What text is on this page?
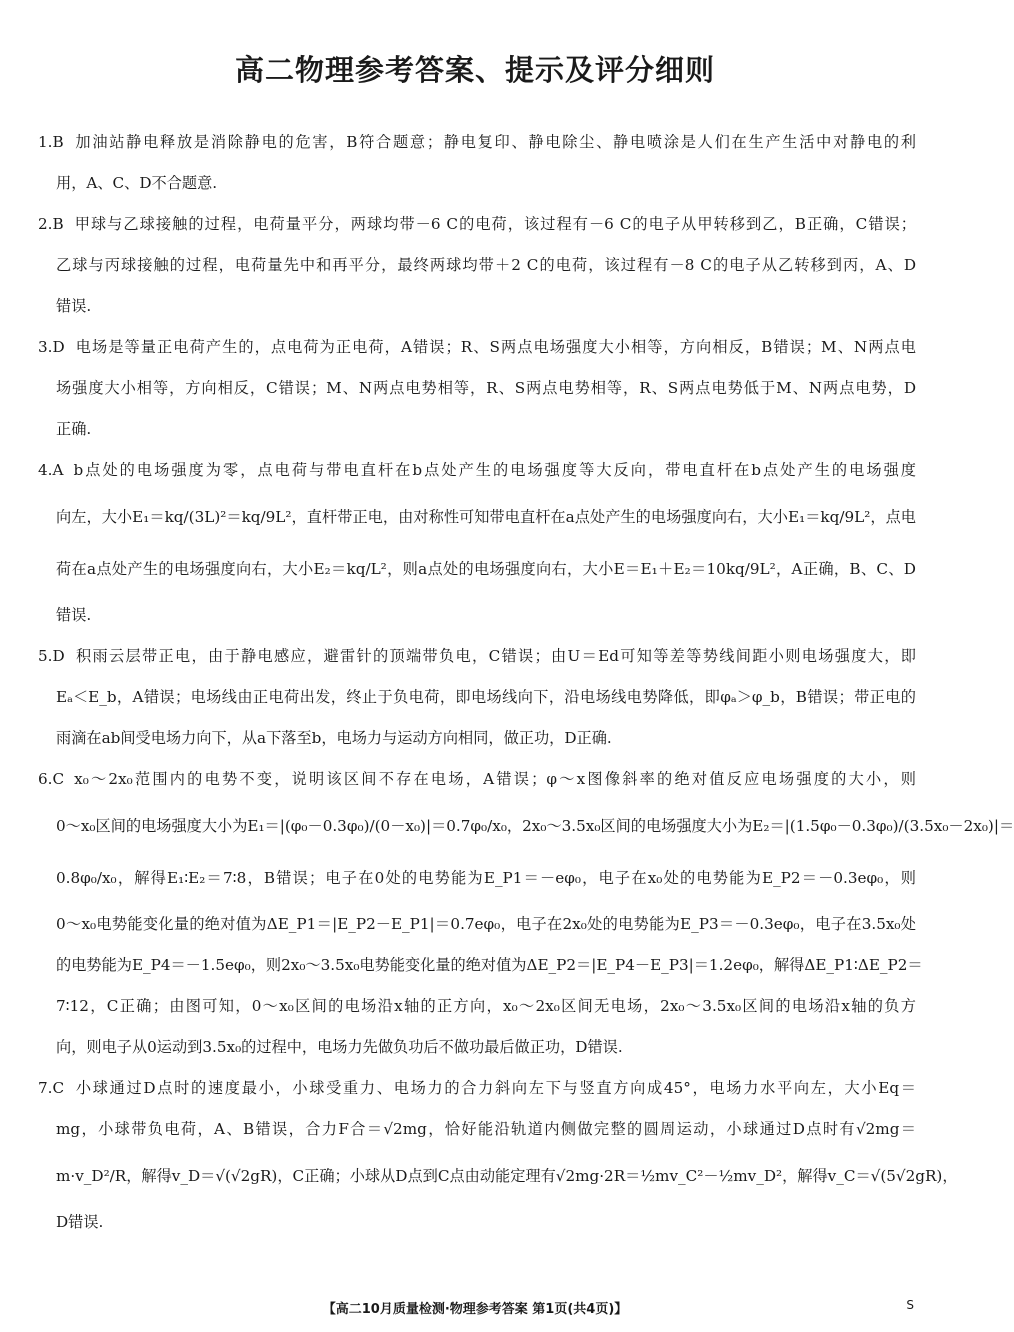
高二物理参考答案、提示及评分细则
1.B 加油站静电释放是消除静电的危害，B符合题意；静电复印、静电除尘、静电喷涂是人们在生产生活中对静电的利
用，A、C、D不合题意.
2.B 甲球与乙球接触的过程，电荷量平分，两球均带－6 C的电荷，该过程有－6 C的电子从甲转移到乙，B正确，C错误；
乙球与丙球接触的过程，电荷量先中和再平分，最终两球均带＋2 C的电荷，该过程有－8 C的电子从乙转移到丙，A、D
错误.
3.D 电场是等量正电荷产生的，点电荷为正电荷，A错误；R、S两点电场强度大小相等，方向相反，B错误；M、N两点电
场强度大小相等，方向相反，C错误；M、N两点电势相等，R、S两点电势相等，R、S两点电势低于M、N两点电势，D
正确.
4.A b点处的电场强度为零，点电荷与带电直杆在b点处产生的电场强度等大反向，带电直杆在b点处产生的电场强度
向左，大小E₁＝kq/(3L)²＝kq/9L²，直杆带正电，由对称性可知带电直杆在a点处产生的电场强度向右，大小E₁＝kq/9L²，点电
荷在a点处产生的电场强度向右，大小E₂＝kq/L²，则a点处的电场强度向右，大小E＝E₁＋E₂＝10kq/9L²，A正确，B、C、D
错误.
5.D 积雨云层带正电，由于静电感应，避雷针的顶端带负电，C错误；由U＝Ed可知等差等势线间距小则电场强度大，即
Eₐ＜E_b，A错误；电场线由正电荷出发，终止于负电荷，即电场线向下，沿电场线电势降低，即φₐ＞φ_b，B错误；带正电的
雨滴在ab间受电场力向下，从a下落至b，电场力与运动方向相同，做正功，D正确.
6.C x₀～2x₀范围内的电势不变，说明该区间不存在电场，A错误；φ～x图像斜率的绝对值反应电场强度的大小，则
0～x₀区间的电场强度大小为E₁＝|(φ₀－0.3φ₀)/(0－x₀)|＝0.7φ₀/x₀，2x₀～3.5x₀区间的电场强度大小为E₂＝|(1.5φ₀－0.3φ₀)/(3.5x₀－2x₀)|＝
0.8φ₀/x₀，解得E₁∶E₂＝7∶8，B错误；电子在0处的电势能为E_P1＝－eφ₀，电子在x₀处的电势能为E_P2＝－0.3eφ₀，则
0～x₀电势能变化量的绝对值为ΔE_P1＝|E_P2－E_P1|＝0.7eφ₀，电子在2x₀处的电势能为E_P3＝－0.3eφ₀，电子在3.5x₀处
的电势能为E_P4＝－1.5eφ₀，则2x₀～3.5x₀电势能变化量的绝对值为ΔE_P2＝|E_P4－E_P3|＝1.2eφ₀，解得ΔE_P1∶ΔE_P2＝
7∶12，C正确；由图可知，0～x₀区间的电场沿x轴的正方向，x₀～2x₀区间无电场，2x₀～3.5x₀区间的电场沿x轴的负方
向，则电子从0运动到3.5x₀的过程中，电场力先做负功后不做功最后做正功，D错误.
7.C 小球通过D点时的速度最小，小球受重力、电场力的合力斜向左下与竖直方向成45°，电场力水平向左，大小Eq＝
mg，小球带负电荷，A、B错误，合力F合＝√2mg，恰好能沿轨道内侧做完整的圆周运动，小球通过D点时有√2mg＝
m·v_D²/R，解得v_D＝√(√2gR)，C正确；小球从D点到C点由动能定理有√2mg·2R＝½mv_C²－½mv_D²，解得v_C＝√(5√2gR)，
D错误.
【高二10月质量检测·物理参考答案 第1页(共4页)】	S
